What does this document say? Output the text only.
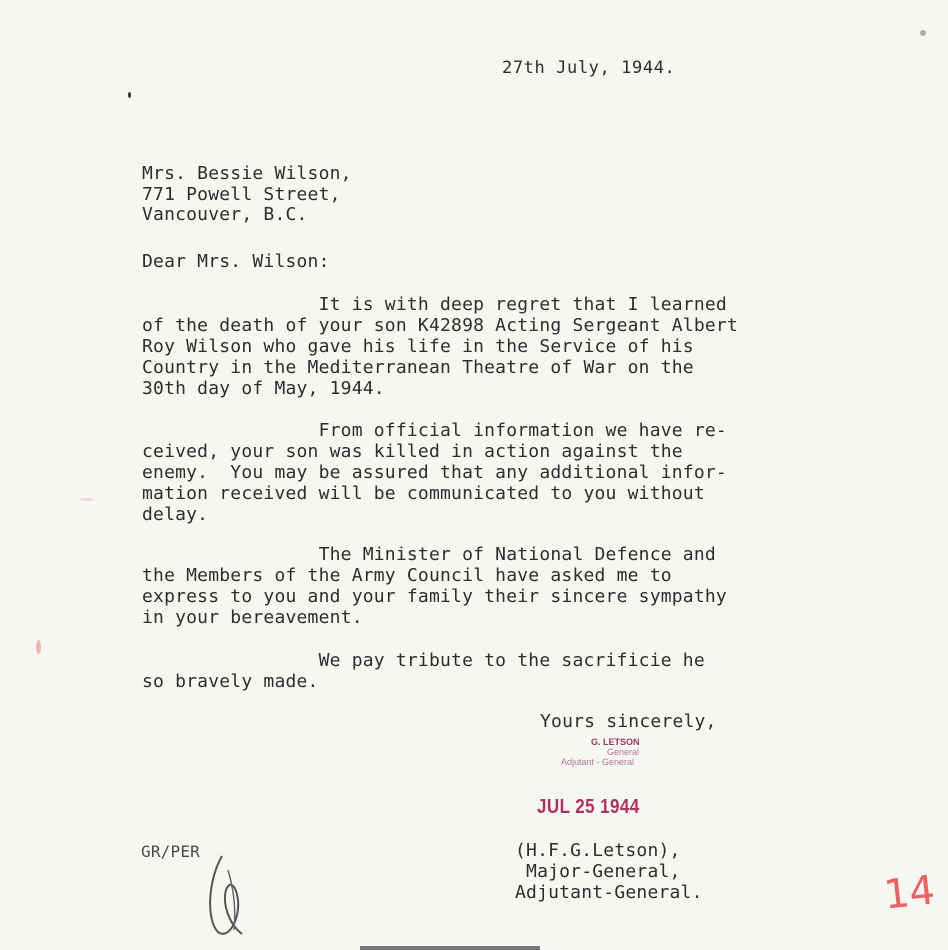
27th July, 1944.
Mrs. Bessie Wilson,
771 Powell Street,
Vancouver, B.C.
Dear Mrs. Wilson:
It is with deep regret that I learned
of the death of your son K42898 Acting Sergeant Albert
Roy Wilson who gave his life in the Service of his
Country in the Mediterranean Theatre of War on the
30th day of May, 1944.
From official information we have re-
ceived, your son was killed in action against the
enemy.  You may be assured that any additional infor-
mation received will be communicated to you without
delay.
The Minister of National Defence and
the Members of the Army Council have asked me to
express to you and your family their sincere sympathy
in your bereavement.
We pay tribute to the sacrificie he
so bravely made.
Yours sincerely,
G. LETSON
General
Adjutant - General
JUL 25 1944
(H.F.G.Letson),
Major-General,
Adjutant-General.
GR/PER
14
